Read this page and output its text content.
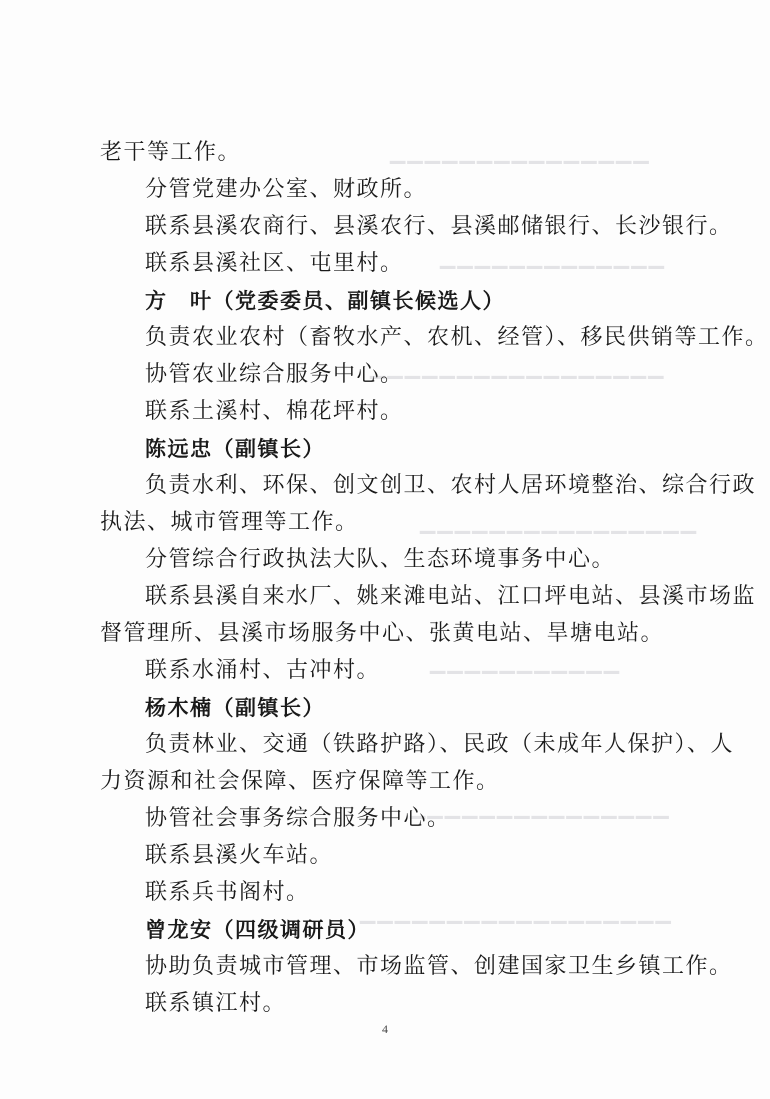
▁▁▁▁▁▁▁▁▁▁▁▁▁▁▁
▁▁▁▁▁▁▁▁▁▁▁▁▁
▁▁▁▁▁▁▁▁▁▁▁▁▁▁▁▁▁
▁▁▁▁▁▁▁▁▁▁▁▁▁▁▁▁
▁▁▁▁▁▁▁▁▁▁▁
▁▁▁▁▁▁▁▁▁▁▁▁▁▁▁
▁▁▁▁▁▁▁▁▁▁▁▁▁▁▁▁▁▁
老干等工作。
分管党建办公室、财政所。
联系县溪农商行、县溪农行、县溪邮储银行、长沙银行。
联系县溪社区、屯里村。
方　叶（党委委员、副镇长候选人）
负责农业农村（畜牧水产、农机、经管）、移民供销等工作。
协管农业综合服务中心。
联系土溪村、棉花坪村。
陈远忠（副镇长）
负责水利、环保、创文创卫、农村人居环境整治、综合行政
执法、城市管理等工作。
分管综合行政执法大队、生态环境事务中心。
联系县溪自来水厂、姚来滩电站、江口坪电站、县溪市场监
督管理所、县溪市场服务中心、张黄电站、旱塘电站。
联系水涌村、古冲村。
杨木楠（副镇长）
负责林业、交通（铁路护路）、民政（未成年人保护）、人
力资源和社会保障、医疗保障等工作。
协管社会事务综合服务中心。
联系县溪火车站。
联系兵书阁村。
曾龙安（四级调研员）
协助负责城市管理、市场监管、创建国家卫生乡镇工作。
联系镇江村。
4
